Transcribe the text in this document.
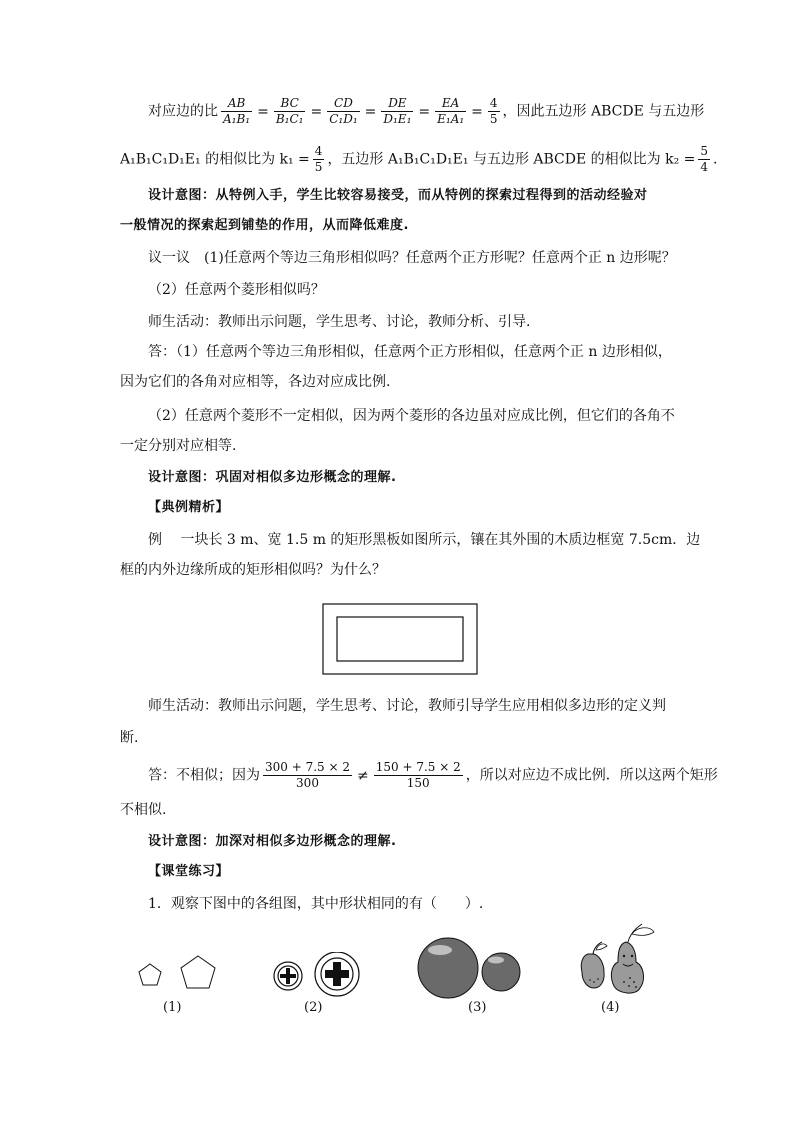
对应边的比 $\frac{AB}{\text{A₁B₁}} = \frac{BC}{\text{B₁C₁}} = \frac{CD}{\text{C₁D₁}} = \frac{DE}{\text{D₁E₁}} = \frac{EA}{\text{E₁A₁}} = \frac{4}{5}$ ，因此五边形 ABCDE 与五边形
A₁B₁C₁D₁E₁ 的相似比为 $k_1 = \frac{4}{5}$ ，五边形 A₁B₁C₁D₁E₁ 与五边形 ABCDE 的相似比为 $k_2 = \frac{5}{4}$ .
设计意图：从特例入手，学生比较容易接受，而从特例的探索过程得到的活动经验对
一般情况的探索起到铺垫的作用，从而降低难度.
议一议　(1)任意两个等边三角形相似吗？任意两个正方形呢？任意两个正 n 边形呢？
（2）任意两个菱形相似吗？
师生活动：教师出示问题，学生思考、讨论，教师分析、引导.
答：（1）任意两个等边三角形相似，任意两个正方形相似，任意两个正 n 边形相似，
因为它们的各角对应相等，各边对应成比例.
（2）任意两个菱形不一定相似，因为两个菱形的各边虽对应成比例，但它们的各角不
一定分别对应相等.
设计意图：巩固对相似多边形概念的理解.
【典例精析】
例　 一块长 3 m、宽 1.5 m 的矩形黑板如图所示，镶在其外围的木质边框宽 7.5cm．边
框的内外边缘所成的矩形相似吗？为什么？
师生活动：教师出示问题，学生思考、讨论，教师引导学生应用相似多边形的定义判
断.
答：不相似；因为 $\frac{300 + 7.5 \times 2}{300} \ne \frac{150 + 7.5 \times 2}{150}$ ，所以对应边不成比例．所以这两个矩形
不相似.
设计意图：加深对相似多边形概念的理解.
【课堂练习】
1．观察下图中的各组图，其中形状相同的有（　　）.
(1)	(2)	(3)	(4)
